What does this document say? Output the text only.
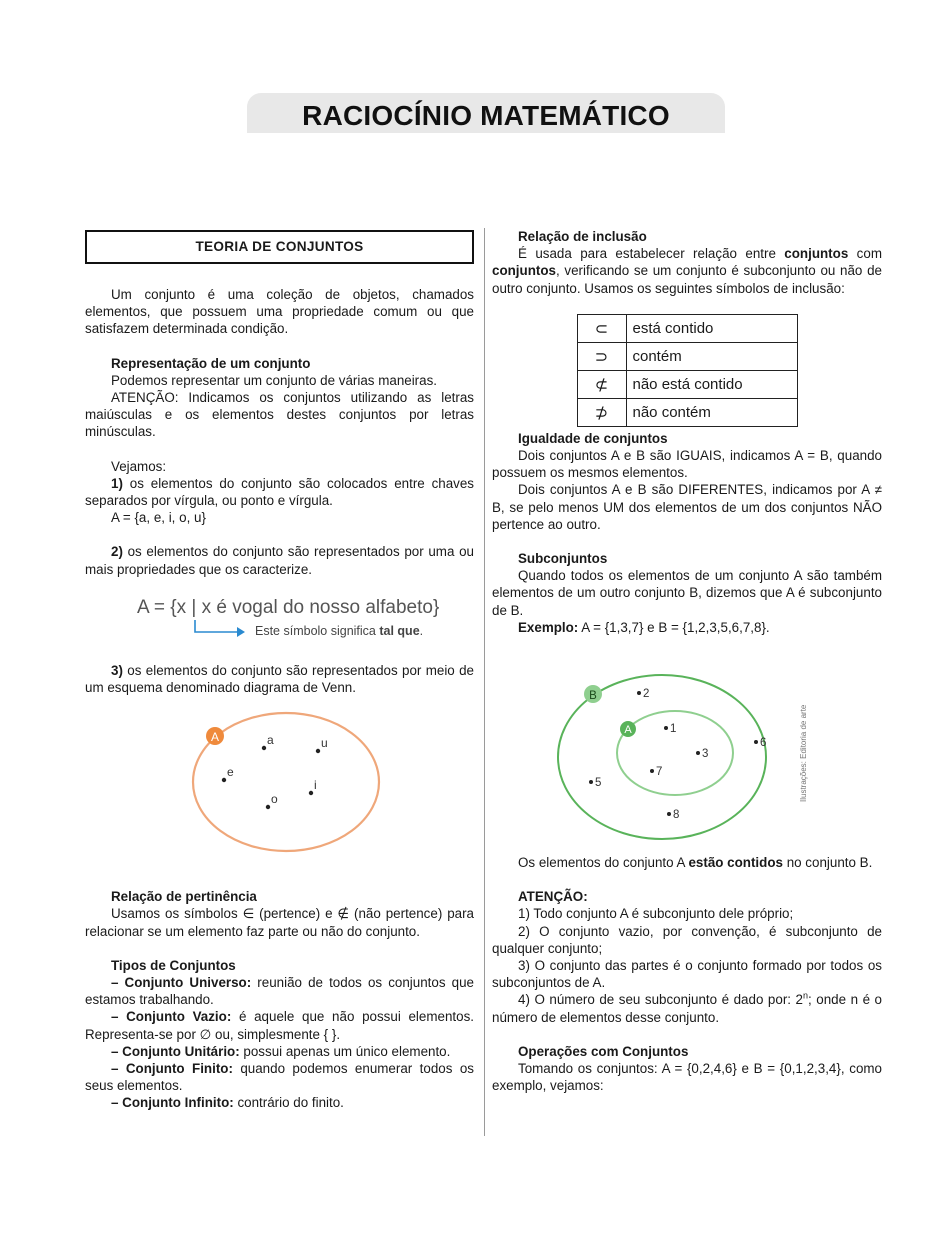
RACIOCÍNIO MATEMÁTICO
TEORIA DE CONJUNTOS

Um conjunto é uma coleção de objetos, chamados elementos, que possuem uma propriedade comum ou que satisfazem determinada condição.

Representação de um conjunto

Podemos representar um conjunto de várias maneiras.

ATENÇÃO: Indicamos os conjuntos utilizando as letras maiúsculas e os elementos destes conjuntos por letras minúsculas.

Vejamos:

1) os elementos do conjunto são colocados entre chaves separados por vírgula, ou ponto e vírgula.

A = {a, e, i, o, u}

2) os elementos do conjunto são representados por uma ou mais propriedades que os caracterize.

A = {x | x é vogal do nosso alfabeto}
Este símbolo significa tal que.

3) os elementos do conjunto são representados por meio de um esquema denominado diagrama de Venn.

A	a	u
e
i
o

Relação de pertinência

Usamos os símbolos ∈ (pertence) e ∉ (não pertence) para relacionar se um elemento faz parte ou não do conjunto.

Tipos de Conjuntos

– Conjunto Universo: reunião de todos os conjuntos que estamos trabalhando.

– Conjunto Vazio: é aquele que não possui elementos. Representa-se por ∅ ou, simplesmente { }.

– Conjunto Unitário: possui apenas um único elemento.

– Conjunto Finito: quando podemos enumerar todos os seus elementos.

– Conjunto Infinito: contrário do finito.

Relação de inclusão

É usada para estabelecer relação entre conjuntos com conjuntos, verificando se um conjunto é subconjunto ou não de outro conjunto. Usamos os seguintes símbolos de inclusão:

⊂	está contido
⊃	contém
⊄	não está contido
⊅	não contém

Igualdade de conjuntos

Dois conjuntos A e B são IGUAIS, indicamos A = B, quando possuem os mesmos elementos.

Dois conjuntos A e B são DIFERENTES, indicamos por A ≠ B, se pelo menos UM dos elementos de um dos conjuntos NÃO pertence ao outro.

Subconjuntos

Quando todos os elementos de um conjunto A são também elementos de um outro conjunto B, dizemos que A é subconjunto de B.

Exemplo: A = {1,3,7} e B = {1,2,3,5,6,7,8}.

B
A
2
1
3
7
6
5
8
Ilustrações: Editoria de arte

Os elementos do conjunto A estão contidos no conjunto B.

ATENÇÃO:

1) Todo conjunto A é subconjunto dele próprio;

2) O conjunto vazio, por convenção, é subconjunto de qualquer conjunto;

3) O conjunto das partes é o conjunto formado por todos os subconjuntos de A.

4) O número de seu subconjunto é dado por: 2$^n$; onde n é o número de elementos desse conjunto.

Operações com Conjuntos

Tomando os conjuntos: A = {0,2,4,6} e B = {0,1,2,3,4}, como exemplo, vejamos:
